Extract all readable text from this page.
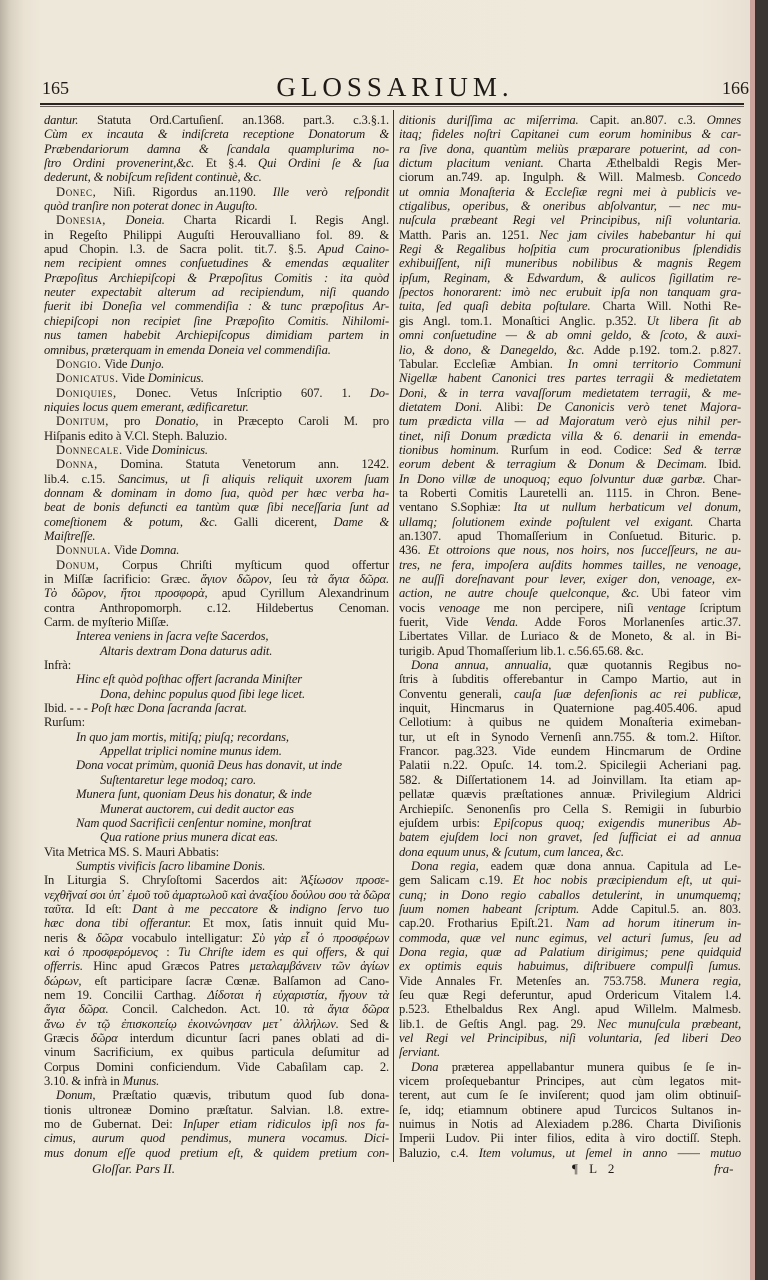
165	GLOSSARIUM.	166
dantur. Statuta Ord.Cartuſienſ. an.1368. part.3. c.3.§.1.
Cùm ex incauta & indiſcreta receptione Donatorum &
Præbendariorum damna & ſcandala quamplurima no-
ſtro Ordini provenerint,&c. Et §.4. Qui Ordini ſe & ſua
dederunt, & nobiſcum reſident continuè, &c.
Donec, Niſi. Rigordus an.1190. Ille verò reſpondit
quòd tranſire non poterat donec in Auguſto.
Donesia, Doneia. Charta Ricardi I. Regis Angl.
in Regeſto Philippi Auguſti Herouvalliano fol. 89. &
apud Chopin. l.3. de Sacra polit. tit.7. §.5. Apud Caino-
nem recipient omnes conſuetudines & emendas æqualiter
Præpoſitus Archiepiſcopi & Præpoſitus Comitis : ita quòd
neuter expectabit alterum ad recipiendum, niſi quando
fuerit ibi Doneſia vel commendiſia : & tunc præpoſitus Ar-
chiepiſcopi non recipiet ſine Præpoſito Comitis. Nihilomi-
nus tamen habebit Archiepiſcopus dimidiam partem in
omnibus, præterquam in emenda Doneia vel commendiſia.
Dongio. Vide Dunjo.
Donicatus. Vide Dominicus.
Doniquies, Donec. Vetus Inſcriptio 607. 1. Do-
niquies locus quem emerant, ædificaretur.
Donitum, pro Donatio, in Præcepto Caroli M. pro
Hiſpanis edito à V.Cl. Steph. Baluzio.
Donnecale. Vide Dominicus.
Donna, Domina. Statuta Venetorum ann. 1242.
lib.4. c.15. Sancimus, ut ſi aliquis reliquit uxorem ſuam
donnam & dominam in domo ſua, quòd per hæc verba ha-
beat de bonis defuncti ea tantùm quæ ſibi neceſſaria ſunt ad
comeſtionem & potum, &c. Galli dicerent, Dame &
Maiſtreſſe.
Donnula. Vide Domna.
Donum, Corpus Chriſti myſticum quod offertur
in Miſſæ ſacrificio: Græc. ἅγιον δῶρον, ſeu τὰ ἅγια δῶρα.
Τὸ δῶρον, ἤτοι προσφορὰ, apud Cyrillum Alexandrinum
contra Anthropomorph. c.12. Hildebertus Cenoman.
Carm. de myſterio Miſſæ.
Interea veniens in ſacra veſte Sacerdos,
Altaris dextram Dona daturus adit.
Infrà:
Hinc eſt quòd poſthac offert ſacranda Miniſter
Dona, dehinc populus quod ſibi lege licet.
Ibid. - - - Poſt hæc Dona ſacranda ſacrat.
Rurſum:
In quo jam mortis, mitiſq; piuſq; recordans,
Appellat triplici nomine munus idem.
Dona vocat primùm, quoniã Deus has donavit, ut inde
Suſtentaretur lege modoq; caro.
Munera ſunt, quoniam Deus his donatur, & inde
Munerat auctorem, cui dedit auctor eas
Nam quod Sacrificii cenſentur nomine, monſtrat
Qua ratione prius munera dicat eas.
Vita Metrica MS. S. Mauri Abbatis:
Sumptis vivificis ſacro libamine Donis.
In Liturgia S. Chryſoſtomi Sacerdos ait: Ἀξίωσον προσε-
νεχθῆναί σοι ὑπ᾿ ἐμοῦ τοῦ ἁμαρτωλοῦ καὶ ἀναξίου δούλου σου τὰ δῶρα
ταῦτα. Id eſt: Dant à me peccatore & indigno ſervo tuo
hæc dona tibi offerantur. Et mox, ſatis innuit quid Mu-
neris & δῶρα vocabulo intelligatur: Σὺ γὰρ εἶ ὁ προσφέρων
καὶ ὁ προσφερόμενος : Tu Chriſte idem es qui offers, & qui
offerris. Hinc apud Græcos Patres μεταλαμβάνειν τῶν ἁγίων
δώρων, eſt participare ſacræ Cœnæ. Balſamon ad Cano-
nem 19. Concilii Carthag. Δίδοται ἡ εὐχαριστία, ἤγουν τὰ
ἅγια δῶρα. Concil. Calchedon. Act. 10. τὰ ἅγια δῶρα
ἄνω ἐν τῷ ἐπισκοπείῳ ἐκοινώνησαν μετ᾿ ἀλλήλων. Sed &
Græcis δῶρα interdum dicuntur ſacri panes oblati ad di-
vinum Sacrificium, ex quibus particula deſumitur ad
Corpus Domini conficiendum. Vide Cabaſilam cap. 2.
3.10. & infrà in Munus.
Donum, Præſtatio quævis, tributum quod ſub dona-
tionis ultroneæ Domino præſtatur. Salvian. l.8. extre-
mo de Gubernat. Dei: Inſuper etiam ridiculos ipſi nos fa-
cimus, aurum quod pendimus, munera vocamus. Dici-
mus donum eſſe quod pretium eſt, & quidem pretium con-
ditionis duriſſima ac miſerrima. Capit. an.807. c.3. Omnes
itaq; fideles noſtri Capitanei cum eorum hominibus & car-
ra ſive dona, quantùm meliùs præparare potuerint, ad con-
dictum placitum veniant. Charta Æthelbaldi Regis Mer-
ciorum an.749. ap. Ingulph. & Will. Malmesb. Concedo
ut omnia Monaſteria & Eccleſiæ regni mei à publicis ve-
ctigalibus, operibus, & oneribus abſolvantur, — nec mu-
nuſcula præbeant Regi vel Principibus, niſi voluntaria.
Matth. Paris an. 1251. Nec jam civiles habebantur hi qui
Regi & Regalibus hoſpitia cum procurationibus ſplendidis
exhibuiſſent, niſi muneribus nobilibus & magnis Regem
ipſum, Reginam, & Edwardum, & aulicos ſigillatim re-
ſpectos honorarent: imò nec erubuit ipſa non tanquam gra-
tuita, ſed quaſi debita poſtulare. Charta Will. Nothi Re-
gis Angl. tom.1. Monaſtici Anglic. p.352. Ut libera ſit ab
omni conſuetudine — & ab omni geldo, & ſcoto, & auxi-
lio, & dono, & Danegeldo, &c. Adde p.192. tom.2. p.827.
Tabular. Eccleſiæ Ambian. In omni territorio Communi
Nigellæ habent Canonici tres partes terragii & medietatem
Doni, & in terra vavaſſorum medietatem terragii, & me-
dietatem Doni. Alibi: De Canonicis verò tenet Majora-
tum prædicta villa — ad Majoratum verò ejus nihil per-
tinet, niſi Donum prædicta villa & 6. denarii in emenda-
tionibus hominum. Rurſum in eod. Codice: Sed & terræ
eorum debent & terragium & Donum & Decimam. Ibid.
In Dono villæ de unoquoq; equo ſolvuntur duæ garbæ. Char-
ta Roberti Comitis Lauretelli an. 1115. in Chron. Bene-
ventano S.Sophiæ: Ita ut nullum herbaticum vel donum,
ullamq; ſolutionem exinde poſtulent vel exigant. Charta
an.1307. apud Thomaſſerium in Conſuetud. Bituric. p.
436. Et ottroions que nous, nos hoirs, nos ſucceſſeurs, ne au-
tres, ne fera, impoſera auſdits hommes tailles, ne venoage,
ne auſſi doreſnavant pour lever, exiger don, venoage, ex-
action, ne autre chouſe quelconque, &c. Ubi fateor vim
vocis venoage me non percipere, niſi ventage ſcriptum
fuerit, Vide Venda. Adde Foros Morlanenſes artic.37.
Libertates Villar. de Luriaco & de Moneto, & al. in Bi-
turigib. Apud Thomaſſerium lib.1. c.56.65.68. &c.
Dona annua, annualia, quæ quotannis Regibus no-
ſtris à ſubditis offerebantur in Campo Martio, aut in
Conventu generali, cauſa ſuæ defenſionis ac rei publicæ,
inquit, Hincmarus in Quaternione pag.405.406. apud
Cellotium: à quibus ne quidem Monaſteria eximeban-
tur, ut eſt in Synodo Vernenſi ann.755. & tom.2. Hiſtor.
Francor. pag.323. Vide eundem Hincmarum de Ordine
Palatii n.22. Opuſc. 14. tom.2. Spicilegii Acheriani pag.
582. & Diſſertationem 14. ad Joinvillam. Ita etiam ap-
pellatæ quævis præſtationes annuæ. Privilegium Aldrici
Archiepiſc. Senonenſis pro Cella S. Remigii in ſuburbio
ejuſdem urbis: Epiſcopus quoq; exigendis muneribus Ab-
batem ejuſdem loci non gravet, ſed ſufficiat ei ad annua
dona equum unus, & ſcutum, cum lancea, &c.
Dona regia, eadem quæ dona annua. Capitula ad Le-
gem Salicam c.19. Et hoc nobis præcipiendum eſt, ut qui-
cunq; in Dono regio caballos detulerint, in unumquemq;
ſuum nomen habeant ſcriptum. Adde Capitul.5. an. 803.
cap.20. Frotharius Epiſt.21. Nam ad horum itinerum in-
commoda, quæ vel nunc egimus, vel acturi ſumus, ſeu ad
Dona regia, quæ ad Palatium dirigimus; pene quidquid
ex optimis equis habuimus, diſtribuere compulſi ſumus.
Vide Annales Fr. Metenſes an. 753.758. Munera regia,
ſeu quæ Regi deferuntur, apud Ordericum Vitalem l.4.
p.523. Ethelbaldus Rex Angl. apud Willelm. Malmesb.
lib.1. de Geſtis Angl. pag. 29. Nec munuſcula præbeant,
vel Regi vel Principibus, niſi voluntaria, ſed liberi Deo
ſerviant.
Dona præterea appellabantur munera quibus ſe ſe in-
vicem proſequebantur Principes, aut cùm legatos mit-
terent, aut cum ſe ſe inviſerent; quod jam olim obtinuiſ-
ſe, idq; etiamnum obtinere apud Turcicos Sultanos in-
nuimus in Notis ad Alexiadem p.286. Charta Diviſionis
Imperii Ludov. Pii inter filios, edita à viro doctiſſ. Steph.
Baluzio, c.4. Item volumus, ut ſemel in anno —— mutuo
Gloſſar. Pars II.	¶ L 2	fra-
